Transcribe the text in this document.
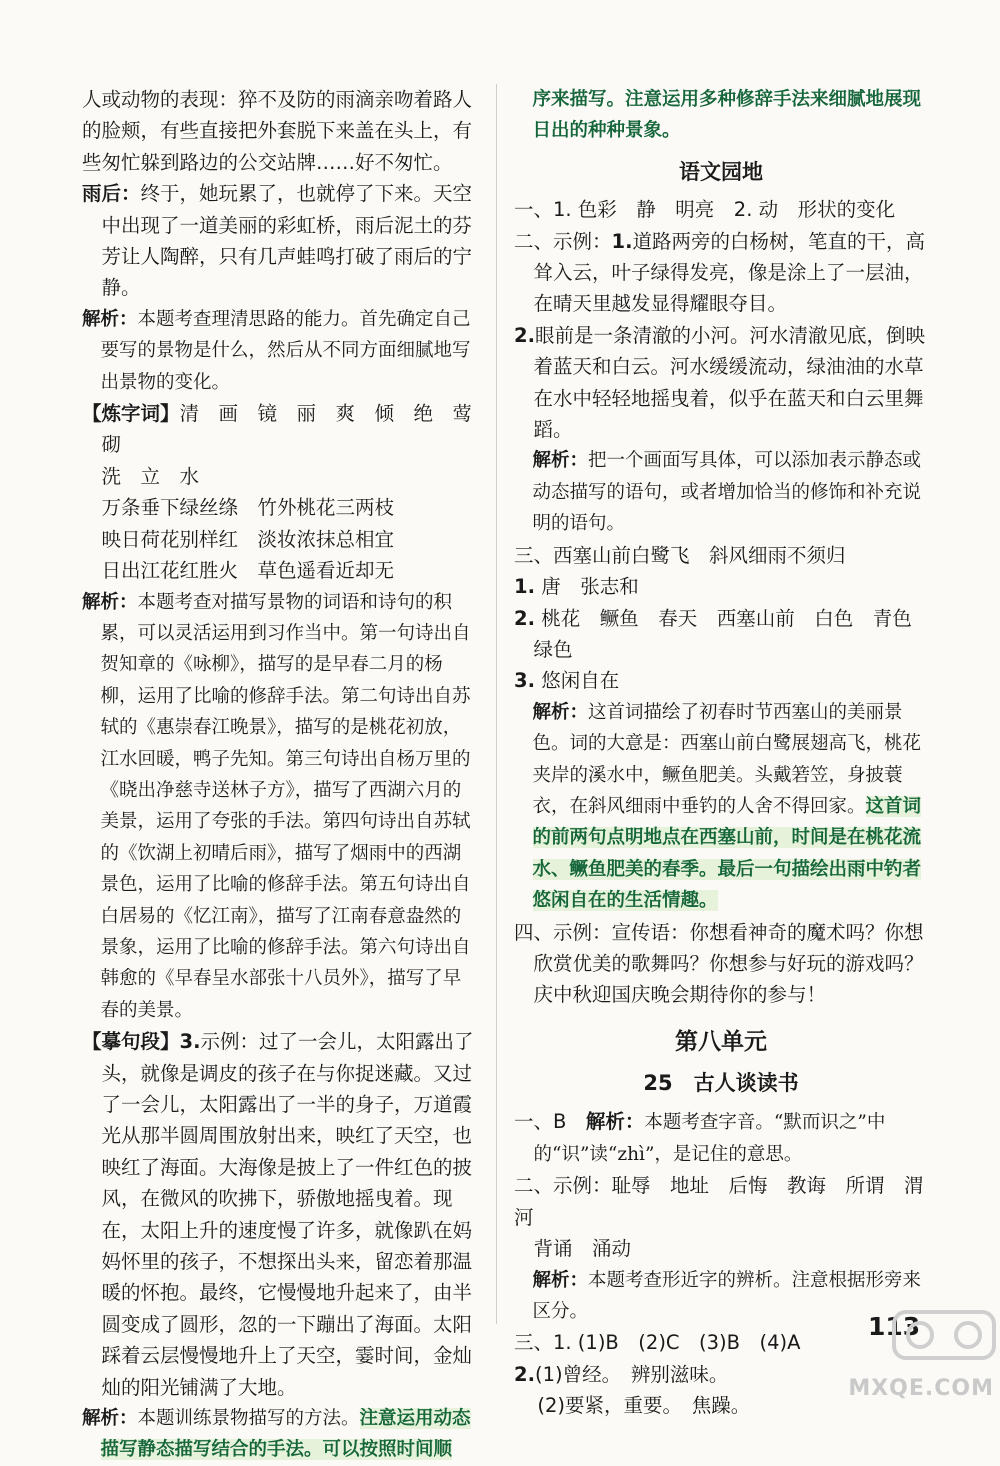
人或动物的表现：猝不及防的雨滴亲吻着路人的脸颊，有些直接把外套脱下来盖在头上，有些匆忙躲到路边的公交站牌……好不匆忙。

雨后：终于，她玩累了，也就停了下来。天空中出现了一道美丽的彩虹桥，雨后泥土的芬芳让人陶醉，只有几声蛙鸣打破了雨后的宁静。

解析：本题考查理清思路的能力。首先确定自己要写的景物是什么，然后从不同方面细腻地写出景物的变化。

【炼字词】清　画　镜　丽　爽　倾　绝　莺　砌

洗　立　水

万条垂下绿丝绦　竹外桃花三两枝

映日荷花别样红　淡妆浓抹总相宜

日出江花红胜火　草色遥看近却无

解析：本题考查对描写景物的词语和诗句的积累，可以灵活运用到习作当中。第一句诗出自贺知章的《咏柳》，描写的是早春二月的杨柳，运用了比喻的修辞手法。第二句诗出自苏轼的《惠崇春江晚景》，描写的是桃花初放，江水回暖，鸭子先知。第三句诗出自杨万里的《晓出净慈寺送林子方》，描写了西湖六月的美景，运用了夸张的手法。第四句诗出自苏轼的《饮湖上初晴后雨》，描写了烟雨中的西湖景色，运用了比喻的修辞手法。第五句诗出自白居易的《忆江南》，描写了江南春意盎然的景象，运用了比喻的修辞手法。第六句诗出自韩愈的《早春呈水部张十八员外》，描写了早春的美景。

【摹句段】3.示例：过了一会儿，太阳露出了头，就像是调皮的孩子在与你捉迷藏。又过了一会儿，太阳露出了一半的身子，万道霞光从那半圆周围放射出来，映红了天空，也映红了海面。大海像是披上了一件红色的披风，在微风的吹拂下，骄傲地摇曳着。现在，太阳上升的速度慢了许多，就像趴在妈妈怀里的孩子，不想探出头来，留恋着那温暖的怀抱。最终，它慢慢地升起来了，由半圆变成了圆形，忽的一下蹦出了海面。太阳踩着云层慢慢地升上了天空，霎时间，金灿灿的阳光铺满了大地。

解析：本题训练景物描写的方法。注意运用动态描写静态描写结合的手法。可以按照时间顺

序来描写。注意运用多种修辞手法来细腻地展现日出的种种景象。

语文园地

一、1. 色彩　静　明亮　2. 动　形状的变化

二、示例：1.道路两旁的白杨树，笔直的干，高耸入云，叶子绿得发亮，像是涂上了一层油，在晴天里越发显得耀眼夺目。

2.眼前是一条清澈的小河。河水清澈见底，倒映着蓝天和白云。河水缓缓流动，绿油油的水草在水中轻轻地摇曳着，似乎在蓝天和白云里舞蹈。

解析：把一个画面写具体，可以添加表示静态或动态描写的语句，或者增加恰当的修饰和补充说明的语句。

三、西塞山前白鹭飞　斜风细雨不须归

1. 唐　张志和

2. 桃花　鳜鱼　春天　西塞山前　白色　青色

绿色

3. 悠闲自在

解析：这首词描绘了初春时节西塞山的美丽景色。词的大意是：西塞山前白鹭展翅高飞，桃花夹岸的溪水中，鳜鱼肥美。头戴箬笠，身披蓑衣，在斜风细雨中垂钓的人舍不得回家。这首词的前两句点明地点在西塞山前，时间是在桃花流水、鳜鱼肥美的春季。最后一句描绘出雨中钓者悠闲自在的生活情趣。

四、示例：宣传语：你想看神奇的魔术吗？你想欣赏优美的歌舞吗？你想参与好玩的游戏吗？庆中秋迎国庆晚会期待你的参与！

第八单元

25　古人谈读书

一、B　解析：本题考查字音。“默而识之”中的“识”读“zhì”，是记住的意思。

二、示例：耻辱　地址　后悔　教诲　所谓　渭河

背诵　涌动

解析：本题考查形近字的辨析。注意根据形旁来区分。

三、1. (1)B　(2)C　(3)B　(4)A

2.(1)曾经。　辨别滋味。

(2)要紧，重要。　焦躁。

113
MXQE.COM
